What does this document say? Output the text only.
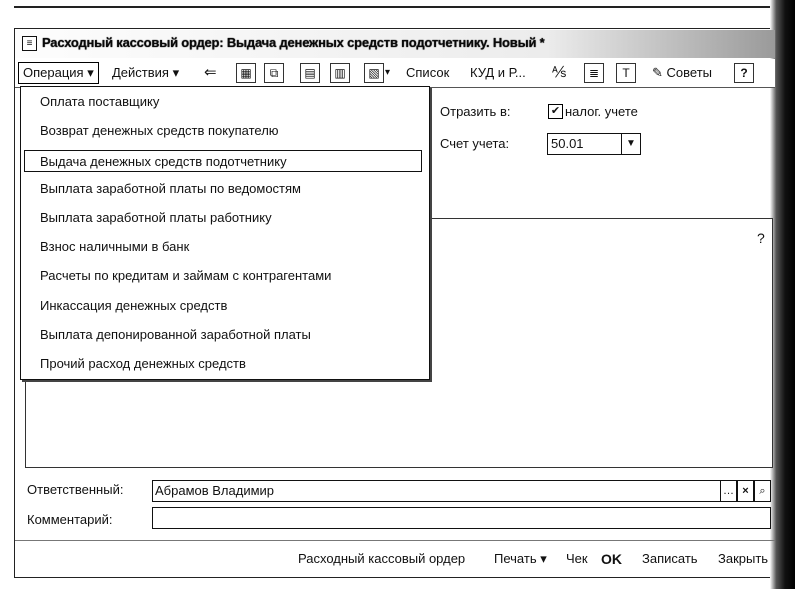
≡ Расходный кассовый ордер: Выдача денежных средств подотчетнику. Новый *
Операция ▾	Действия ▾ ⇐	▦	⧉	▤	▥	▧ ▾ Список КУД и Р... ⅍	≣	T	✎ Советы	?
Отразить в:	✔ налог. учете
Счет учета:	50.01	▼
?
Ответственный: Абрамов Владимир	… × ⌕
Комментарий:
Расходный кассовый ордер Печать ▾ Чек OK Записать Закрыть
Оплата поставщику
Возврат денежных средств покупателю
Выдача денежных средств подотчетнику
Выплата заработной платы по ведомостям
Выплата заработной платы работнику
Взнос наличными в банк
Расчеты по кредитам и займам с контрагентами
Инкассация денежных средств
Выплата депонированной заработной платы
Прочий расход денежных средств
